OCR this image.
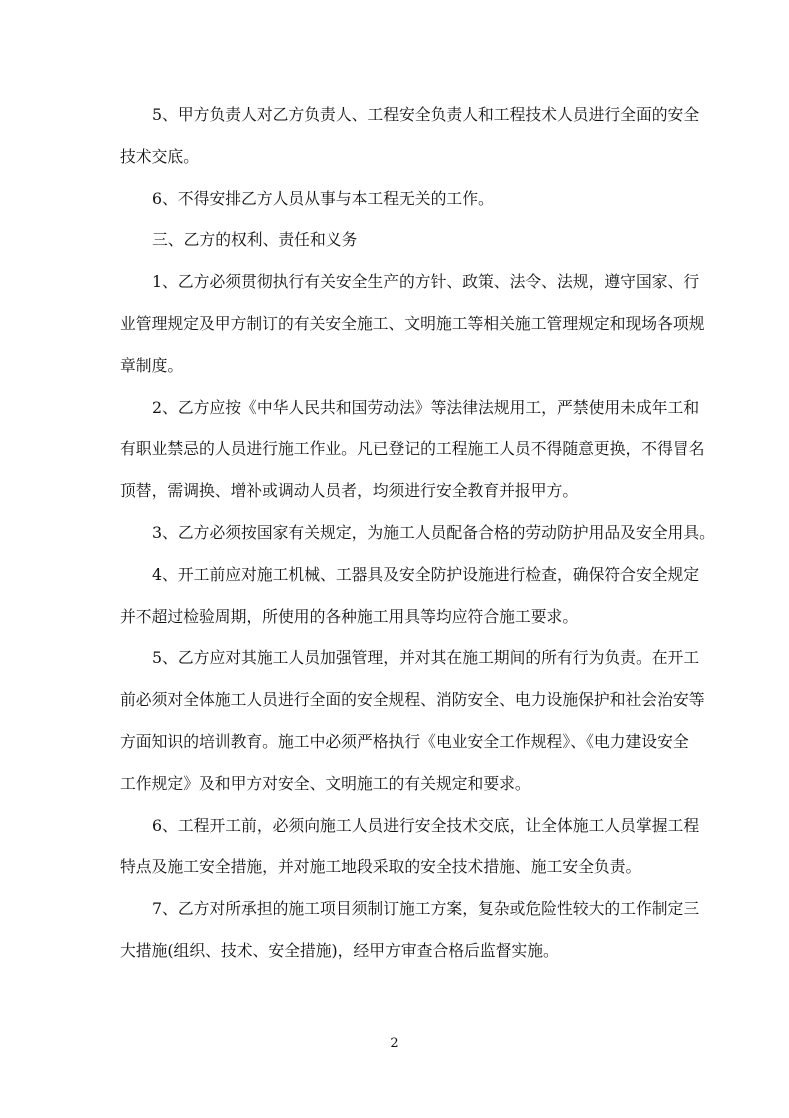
5、甲方负责人对乙方负责人、工程安全负责人和工程技术人员进行全面的安全
技术交底。
6、不得安排乙方人员从事与本工程无关的工作。
三、乙方的权利、责任和义务
1、乙方必须贯彻执行有关安全生产的方针、政策、法令、法规，遵守国家、行
业管理规定及甲方制订的有关安全施工、文明施工等相关施工管理规定和现场各项规
章制度。
2、乙方应按《中华人民共和国劳动法》等法律法规用工，严禁使用未成年工和
有职业禁忌的人员进行施工作业。凡已登记的工程施工人员不得随意更换，不得冒名
顶替，需调换、增补或调动人员者，均须进行安全教育并报甲方。
3、乙方必须按国家有关规定，为施工人员配备合格的劳动防护用品及安全用具。
4、开工前应对施工机械、工器具及安全防护设施进行检查，确保符合安全规定
并不超过检验周期，所使用的各种施工用具等均应符合施工要求。
5、乙方应对其施工人员加强管理，并对其在施工期间的所有行为负责。在开工
前必须对全体施工人员进行全面的安全规程、消防安全、电力设施保护和社会治安等
方面知识的培训教育。施工中必须严格执行《电业安全工作规程》、《电力建设安全
工作规定》及和甲方对安全、文明施工的有关规定和要求。
6、工程开工前，必须向施工人员进行安全技术交底，让全体施工人员掌握工程
特点及施工安全措施，并对施工地段采取的安全技术措施、施工安全负责。
7、乙方对所承担的施工项目须制订施工方案，复杂或危险性较大的工作制定三
大措施(组织、技术、安全措施)，经甲方审查合格后监督实施。
2
